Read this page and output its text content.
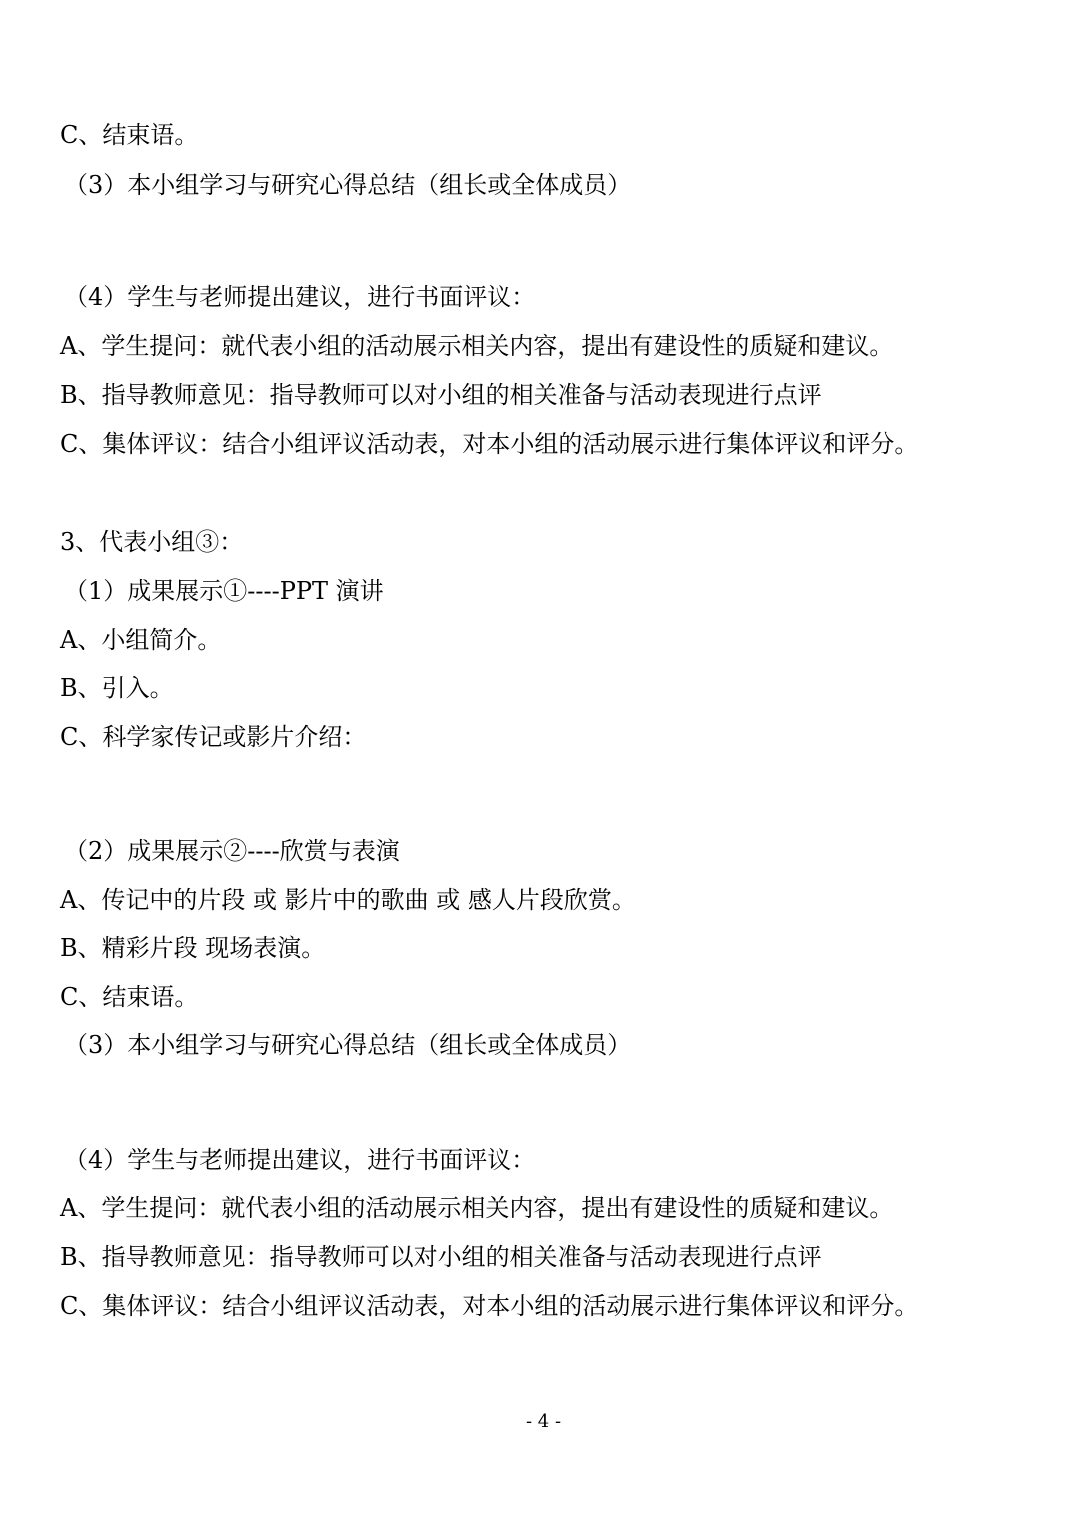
C、结束语。
（3）本小组学习与研究心得总结（组长或全体成员）
（4）学生与老师提出建议，进行书面评议：
A、学生提问：就代表小组的活动展示相关内容，提出有建设性的质疑和建议。
B、指导教师意见：指导教师可以对小组的相关准备与活动表现进行点评
C、集体评议：结合小组评议活动表，对本小组的活动展示进行集体评议和评分。
3、代表小组③：
（1）成果展示①----PPT 演讲
A、小组简介。
B、引入。
C、科学家传记或影片介绍：
（2）成果展示②----欣赏与表演
A、传记中的片段 或 影片中的歌曲 或 感人片段欣赏。
B、精彩片段 现场表演。
C、结束语。
（3）本小组学习与研究心得总结（组长或全体成员）
（4）学生与老师提出建议，进行书面评议：
A、学生提问：就代表小组的活动展示相关内容，提出有建设性的质疑和建议。
B、指导教师意见：指导教师可以对小组的相关准备与活动表现进行点评
C、集体评议：结合小组评议活动表，对本小组的活动展示进行集体评议和评分。
- 4 -
